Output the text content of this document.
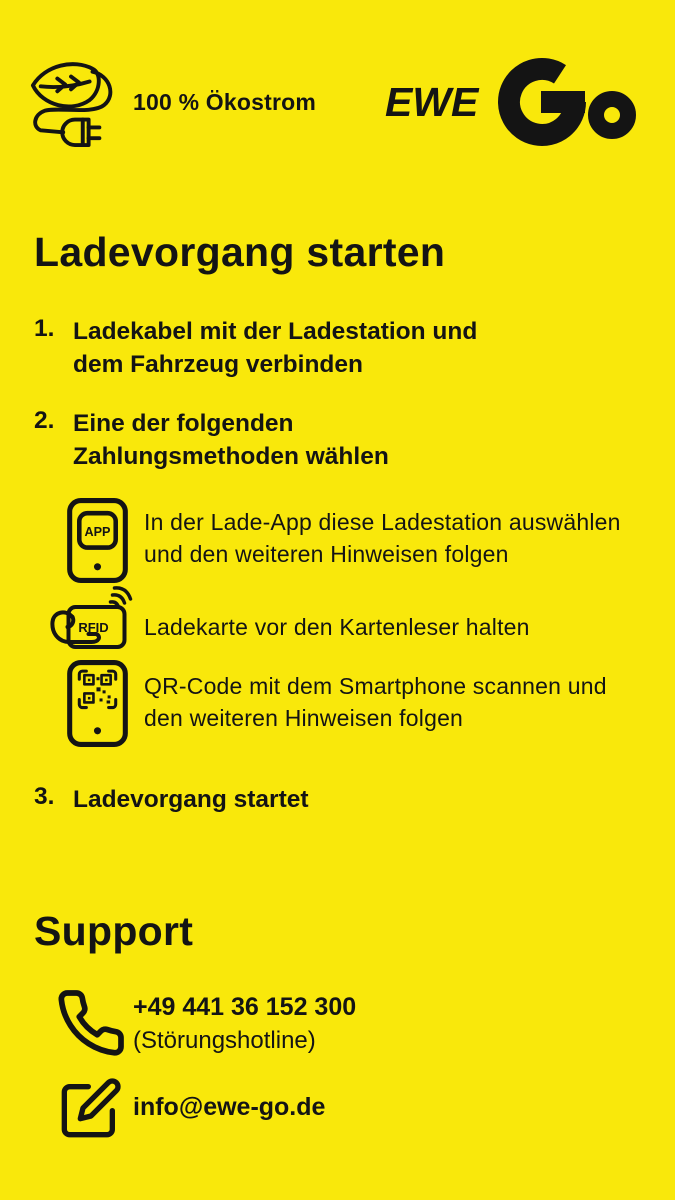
100 % Ökostrom EWE
Ladevorgang starten
1. Ladekabel mit der Ladestation und
dem Fahrzeug verbinden
2. Eine der folgenden
Zahlungsmethoden wählen
APP In der Lade-App diese Ladestation auswählen
und den weiteren Hinweisen folgen
RFID Ladekarte vor den Kartenleser halten
QR-Code mit dem Smartphone scannen und
den weiteren Hinweisen folgen
3. Ladevorgang startet
Support
+49 441 36 152 300
(Störungshotline)
info@ewe-go.de
